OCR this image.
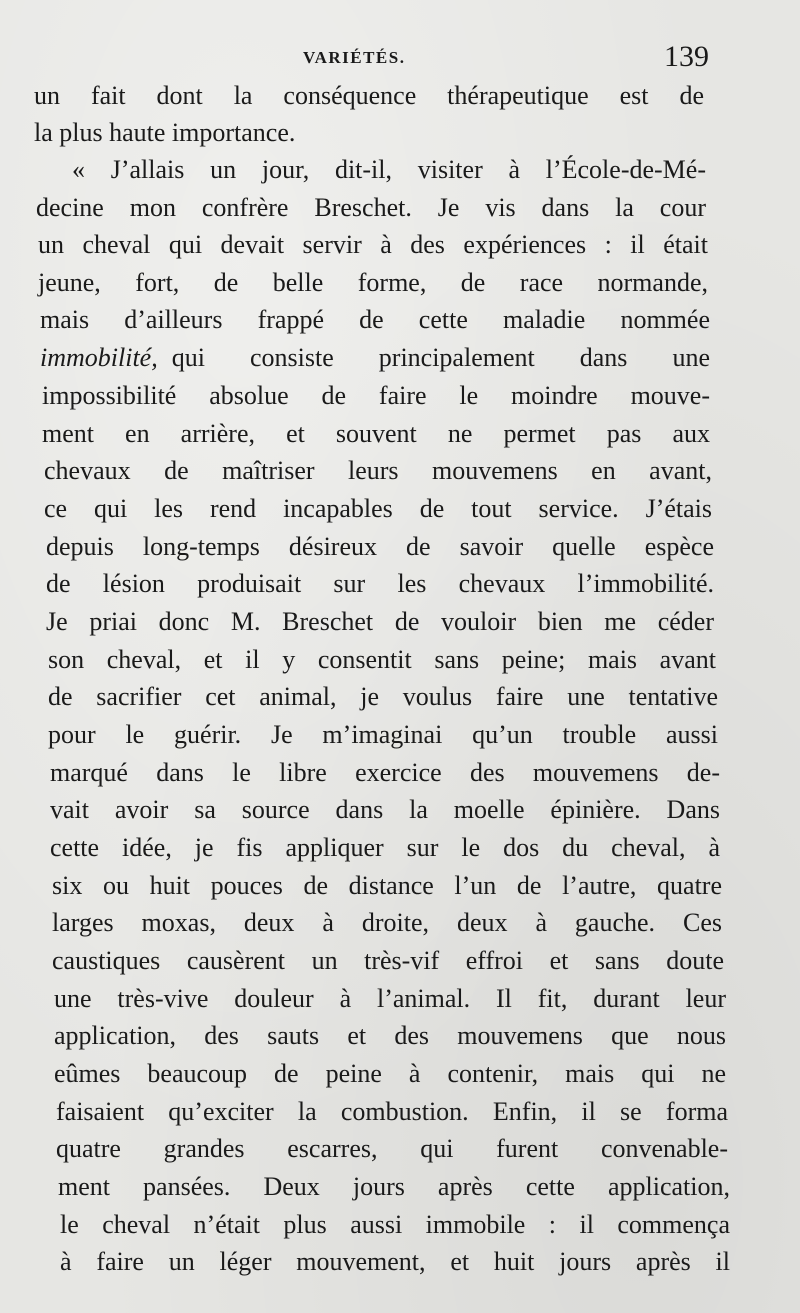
VARIÉTÉS.	139
un fait dont la conséquence thérapeutique est de
la plus haute importance.
« J’allais un jour, dit-il, visiter à l’École-de-Mé-
decine mon confrère Breschet. Je vis dans la cour
un cheval qui devait servir à des expériences : il était
jeune, fort, de belle forme, de race normande,
mais d’ailleurs frappé de cette maladie nommée
immobilité, qui consiste principalement dans une
impossibilité absolue de faire le moindre mouve-
ment en arrière, et souvent ne permet pas aux
chevaux de maîtriser leurs mouvemens en avant,
ce qui les rend incapables de tout service. J’étais
depuis long-temps désireux de savoir quelle espèce
de lésion produisait sur les chevaux l’immobilité.
Je priai donc M. Breschet de vouloir bien me céder
son cheval, et il y consentit sans peine; mais avant
de sacrifier cet animal, je voulus faire une tentative
pour le guérir. Je m’imaginai qu’un trouble aussi
marqué dans le libre exercice des mouvemens de-
vait avoir sa source dans la moelle épinière. Dans
cette idée, je fis appliquer sur le dos du cheval, à
six ou huit pouces de distance l’un de l’autre, quatre
larges moxas, deux à droite, deux à gauche. Ces
caustiques causèrent un très-vif effroi et sans doute
une très-vive douleur à l’animal. Il fit, durant leur
application, des sauts et des mouvemens que nous
eûmes beaucoup de peine à contenir, mais qui ne
faisaient qu’exciter la combustion. Enfin, il se forma
quatre grandes escarres, qui furent convenable-
ment pansées. Deux jours après cette application,
le cheval n’était plus aussi immobile : il commença
à faire un léger mouvement, et huit jours après il
